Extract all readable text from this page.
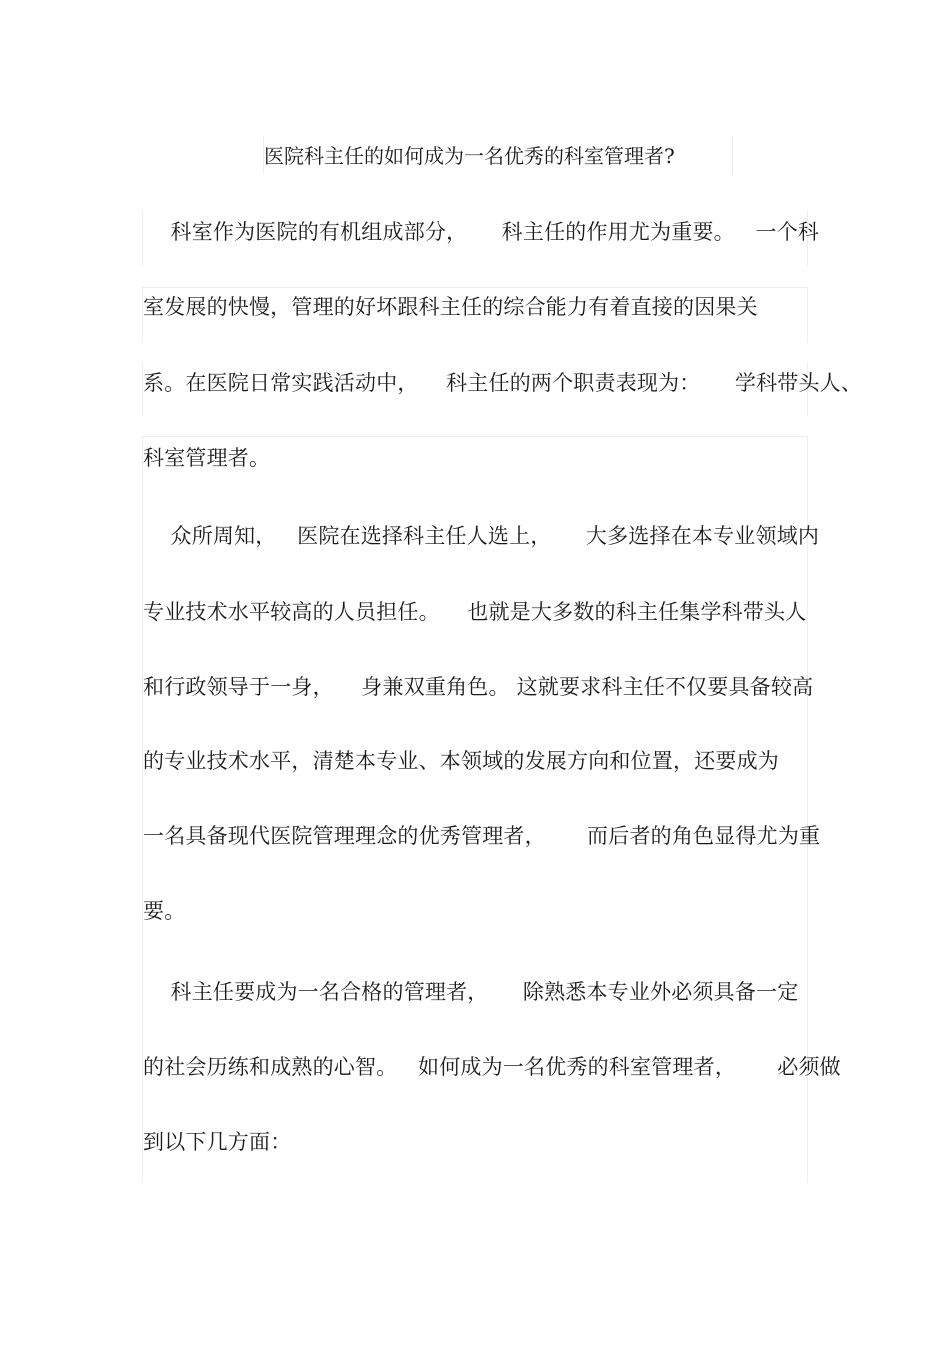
医院科主任的如何成为一名优秀的科室管理者?
科室作为医院的有机组成部分，     科主任的作用尤为重要。   一个科
室发展的快慢，管理的好坏跟科主任的综合能力有着直接的因果关
系。在医院日常实践活动中，    科主任的两个职责表现为：     学科带头人、
科室管理者。
众所周知，   医院在选择科主任人选上，     大多选择在本专业领域内
专业技术水平较高的人员担任。    也就是大多数的科主任集学科带头人
和行政领导于一身，    身兼双重角色。 这就要求科主任不仅要具备较高
的专业技术水平，清楚本专业、本领域的发展方向和位置，还要成为
一名具备现代医院管理理念的优秀管理者，      而后者的角色显得尤为重
要。
科主任要成为一名合格的管理者，     除熟悉本专业外必须具备一定
的社会历练和成熟的心智。   如何成为一名优秀的科室管理者，      必须做
到以下几方面：
